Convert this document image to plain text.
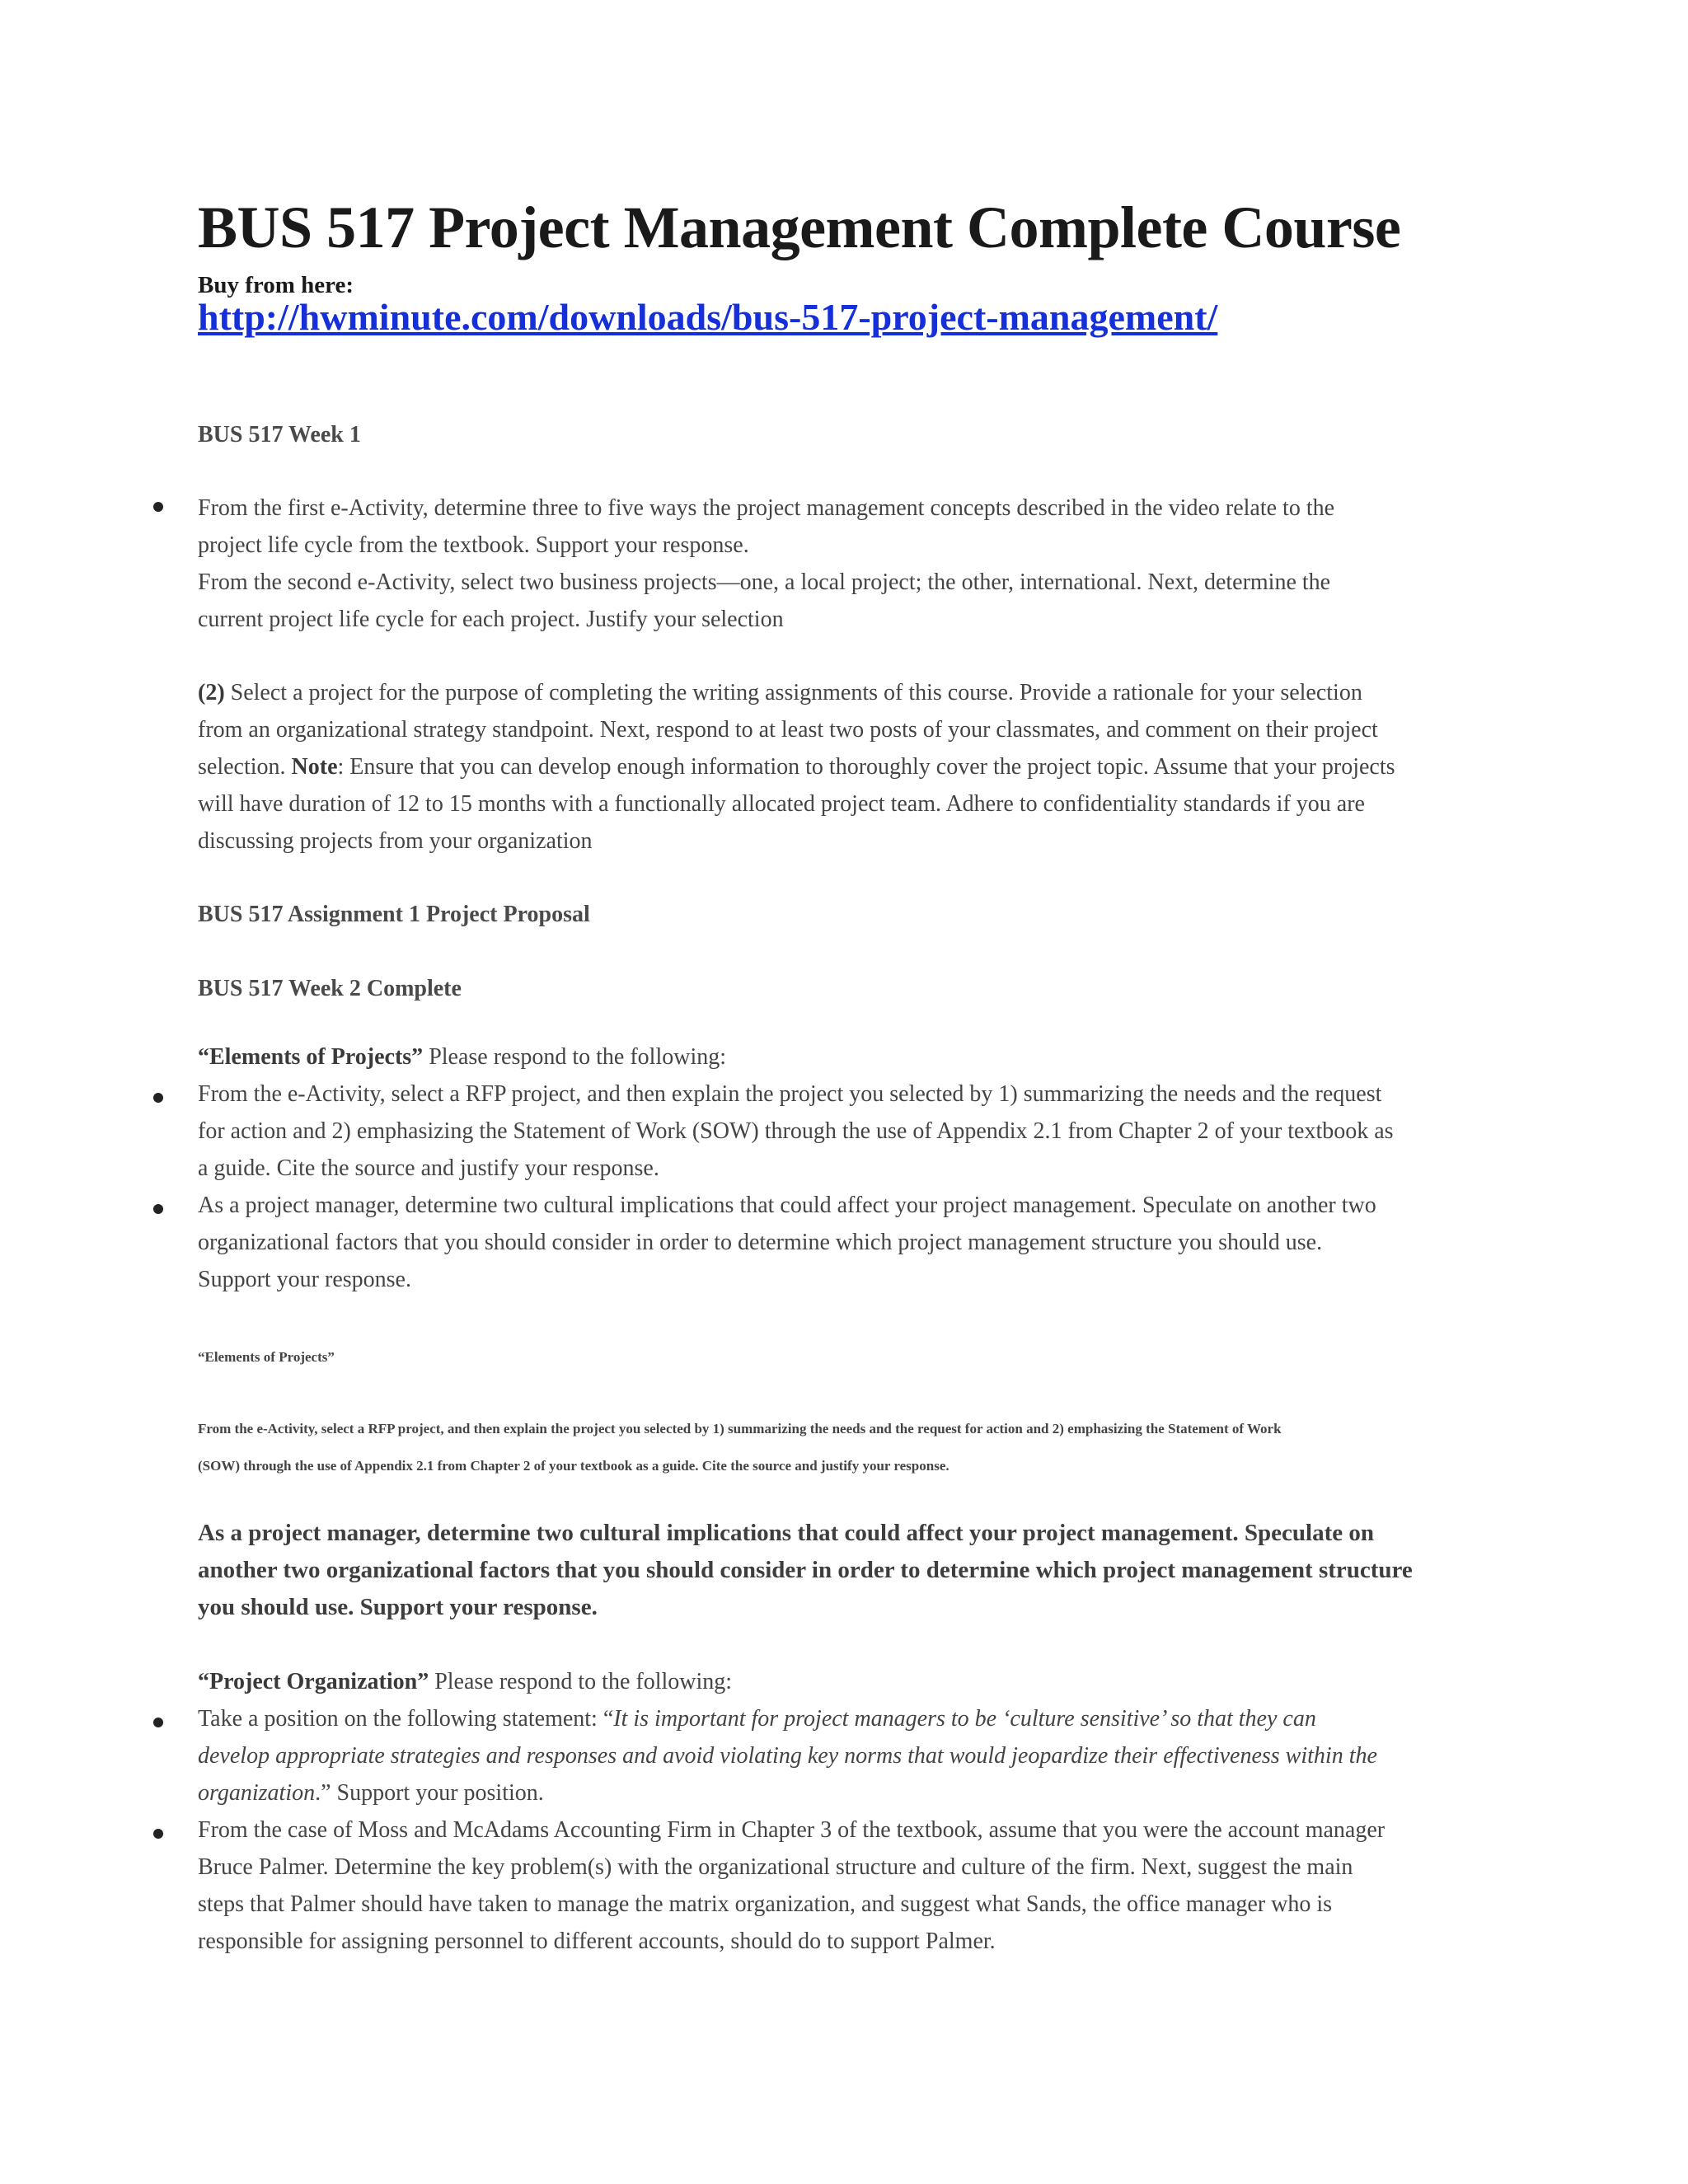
BUS 517 Project Management Complete Course
Buy from here:
http://hwminute.com/downloads/bus-517-project-management/
BUS 517 Week 1
From the first e-Activity, determine three to five ways the project management concepts described in the video relate to the
project life cycle from the textbook. Support your response.
From the second e-Activity, select two business projects—one, a local project; the other, international. Next, determine the
current project life cycle for each project. Justify your selection
(2) Select a project for the purpose of completing the writing assignments of this course. Provide a rationale for your selection
from an organizational strategy standpoint. Next, respond to at least two posts of your classmates, and comment on their project
selection. Note: Ensure that you can develop enough information to thoroughly cover the project topic. Assume that your projects
will have duration of 12 to 15 months with a functionally allocated project team. Adhere to confidentiality standards if you are
discussing projects from your organization
BUS 517 Assignment 1 Project Proposal
BUS 517 Week 2 Complete
“Elements of Projects” Please respond to the following:
From the e-Activity, select a RFP project, and then explain the project you selected by 1) summarizing the needs and the request
for action and 2) emphasizing the Statement of Work (SOW) through the use of Appendix 2.1 from Chapter 2 of your textbook as
a guide. Cite the source and justify your response.
As a project manager, determine two cultural implications that could affect your project management. Speculate on another two
organizational factors that you should consider in order to determine which project management structure you should use.
Support your response.
“Elements of Projects”
From the e-Activity, select a RFP project, and then explain the project you selected by 1) summarizing the needs and the request for action and 2) emphasizing the Statement of Work
(SOW) through the use of Appendix 2.1 from Chapter 2 of your textbook as a guide. Cite the source and justify your response.
As a project manager, determine two cultural implications that could affect your project management. Speculate on
another two organizational factors that you should consider in order to determine which project management structure
you should use. Support your response.
“Project Organization” Please respond to the following:
Take a position on the following statement: “It is important for project managers to be ‘culture sensitive’ so that they can
develop appropriate strategies and responses and avoid violating key norms that would jeopardize their effectiveness within the
organization.” Support your position.
From the case of Moss and McAdams Accounting Firm in Chapter 3 of the textbook, assume that you were the account manager
Bruce Palmer. Determine the key problem(s) with the organizational structure and culture of the firm. Next, suggest the main
steps that Palmer should have taken to manage the matrix organization, and suggest what Sands, the office manager who is
responsible for assigning personnel to different accounts, should do to support Palmer.
